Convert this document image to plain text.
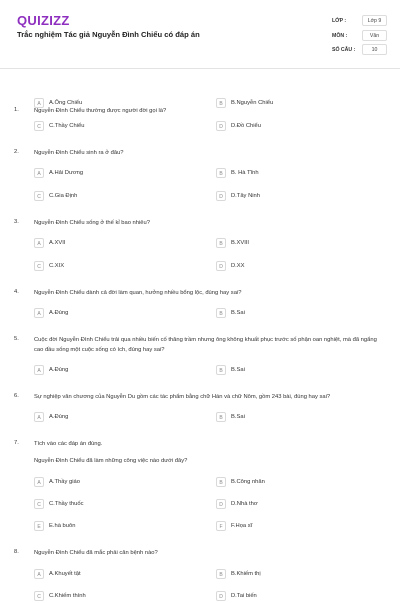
QUIZIZZ
Trắc nghiệm Tác giả Nguyễn Đình Chiểu có đáp án
LỚP :	Lớp 9
MÔN :	Văn
SỐ CÂU :	10
1.	Nguyễn Đình Chiểu thường được người đời gọi là?
A	A.Ông Chiểu	B	B.Nguyễn Chiểu
C	C.Thầy Chiểu	D	D.Đồ Chiểu
2.	Nguyễn Đình Chiểu sinh ra ở đâu?
A	A.Hải Dương	B	B. Hà Tĩnh
C	C.Gia Định	D	D.Tây Ninh
3.	Nguyễn Đình Chiểu sống ở thế kỉ bao nhiêu?
A	A.XVII	B	B.XVIII
C	C.XIX	D	D.XX
4.	Nguyễn Đình Chiểu dành cả đời làm quan, hưởng nhiều bổng lộc, đúng hay sai?
A	A.Đúng	B	B.Sai
5.	Cuộc đời Nguyễn Đình Chiểu trải qua nhiều biến cố thăng trầm nhưng ông không khuất phục trước số phận oan nghiệt, mà đã ngẩng cao đầu sống một cuộc sống có ích, đúng hay sai?
A	A.Đúng	B	B.Sai
6.	Sự nghiệp văn chương của Nguyễn Du gồm các tác phẩm bằng chữ Hán và chữ Nôm, gồm 243 bài, đúng hay sai?
A	A.Đúng	B	B.Sai
7.	Tích vào các đáp án đúng.
Nguyễn Đình Chiểu đã làm những công việc nào dưới đây?
A	A.Thầy giáo	B	B.Công nhân
C	C.Thầy thuốc	D	D.Nhà thơ
E	E.hà buôn	F	F.Họa sĩ
8.	Nguyễn Đình Chiểu đã mắc phải căn bệnh nào?
A	A.Khuyết tật	B	B.Khiếm thị
C	C.Khiếm thính	D	D.Tai biến
